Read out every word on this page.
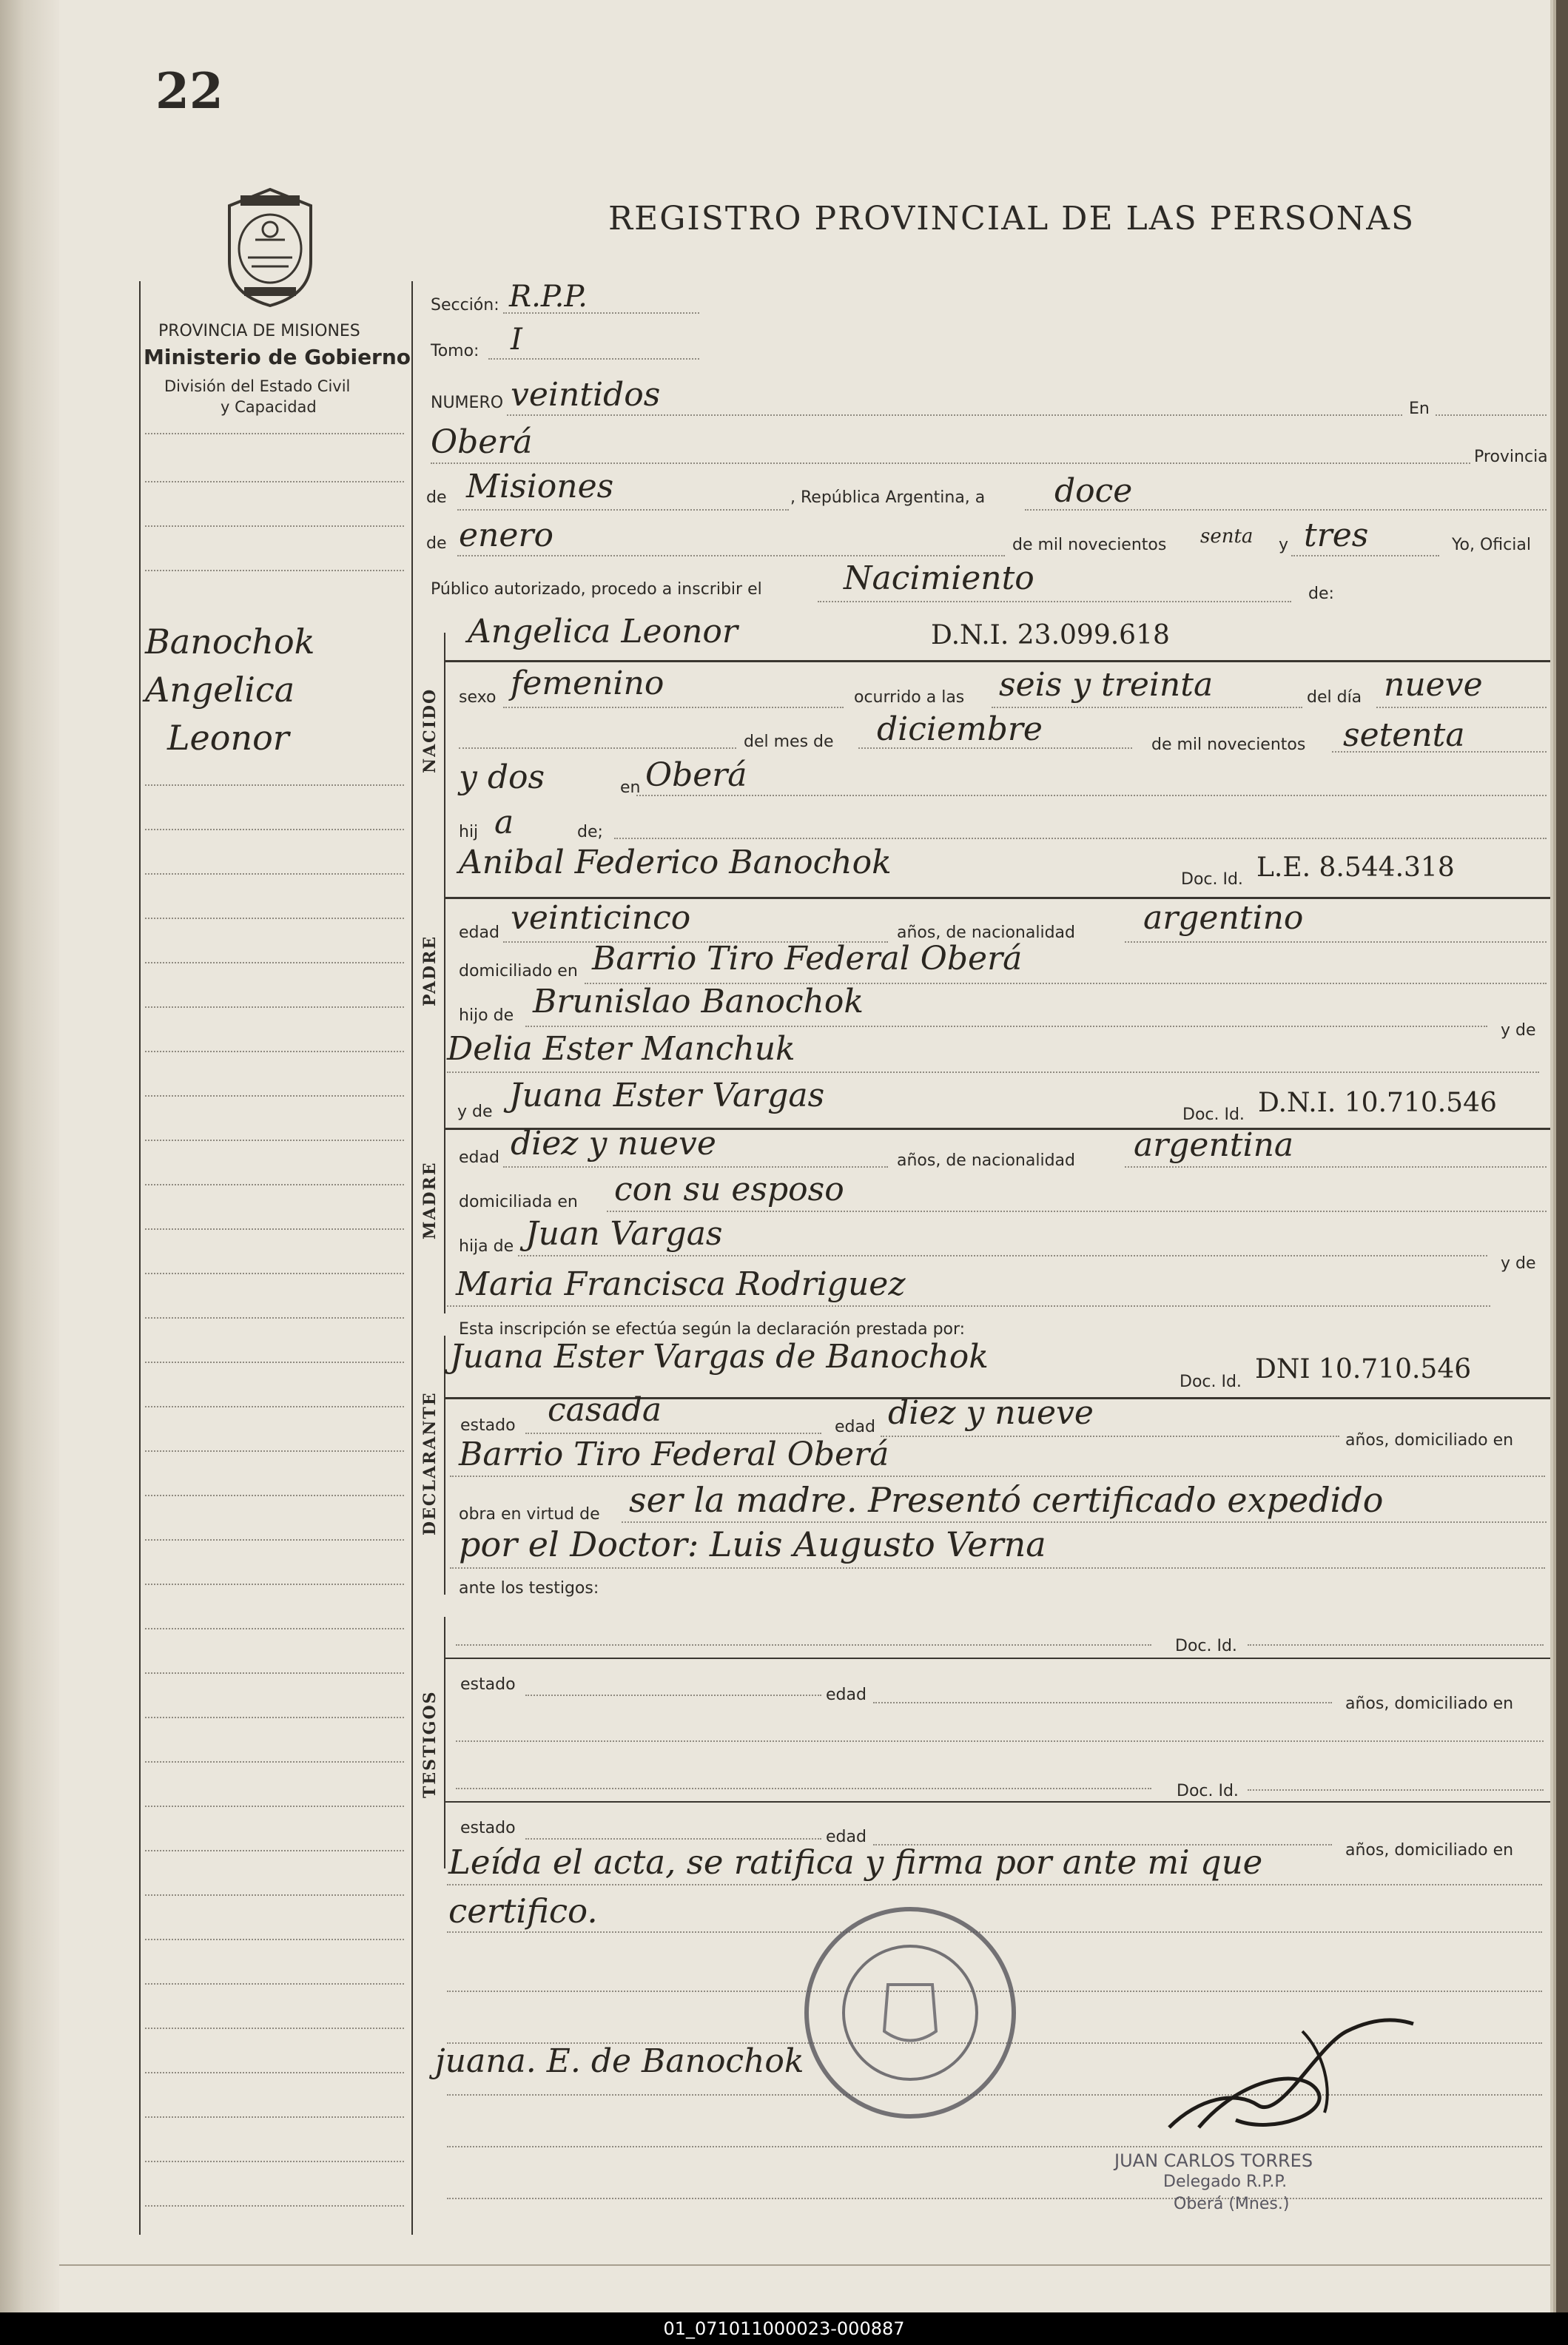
22
PROVINCIA DE MISIONES
Ministerio de Gobierno
División del Estado Civil
y Capacidad
REGISTRO PROVINCIAL DE LAS PERSONAS
Banochok
Angelica
Leonor
Sección: R.P.P.
Tomo: I
NUMERO veintidos	En
Oberá	Provincia
de Misiones	, República Argentina, a doce
de enero	de mil novecientos senta y tres	Yo, Oficial
Público autorizado, procedo a inscribir el	Nacimiento	de:
NACIDO
Angelica Leonor	D.N.I. 23.099.618
sexo femenino	ocurrido a las seis y treinta	del día nueve
del mes de diciembre	de mil novecientos setenta
y dos	en Oberá
hij a	de;
PADRE
Anibal Federico Banochok	Doc. Id. L.E. 8.544.318
edad veinticinco	años, de nacionalidad argentino
domiciliado en Barrio Tiro Federal Oberá
hijo de Brunislao Banochok
y de
Delia Ester Manchuk
MADRE
y de Juana Ester Vargas
Doc. Id. D.N.I. 10.710.546
edad diez y nueve	años, de nacionalidad argentina
domiciliada en con su esposo
hija de Juan Vargas
y de
Maria Francisca Rodriguez
Esta inscripción se efectúa según la declaración prestada por:
DECLARANTE
Juana Ester Vargas de Banochok
Doc. Id. DNI 10.710.546
estado casada	edad diez y nueve
años, domiciliado en
Barrio Tiro Federal Oberá
obra en virtud de ser la madre. Presentó certificado expedido
por el Doctor: Luis Augusto Verna
ante los testigos:
TESTIGOS
Doc. Id.
estado
edad	años, domiciliado en
Doc. Id.
estado	edad
años, domiciliado en
Leída el acta, se ratifica y firma por ante mi que
certifico.
juana. E. de Banochok
JUAN CARLOS TORRES
Delegado R.P.P.
Oberá (Mnes.)
01_071011000023-000887
